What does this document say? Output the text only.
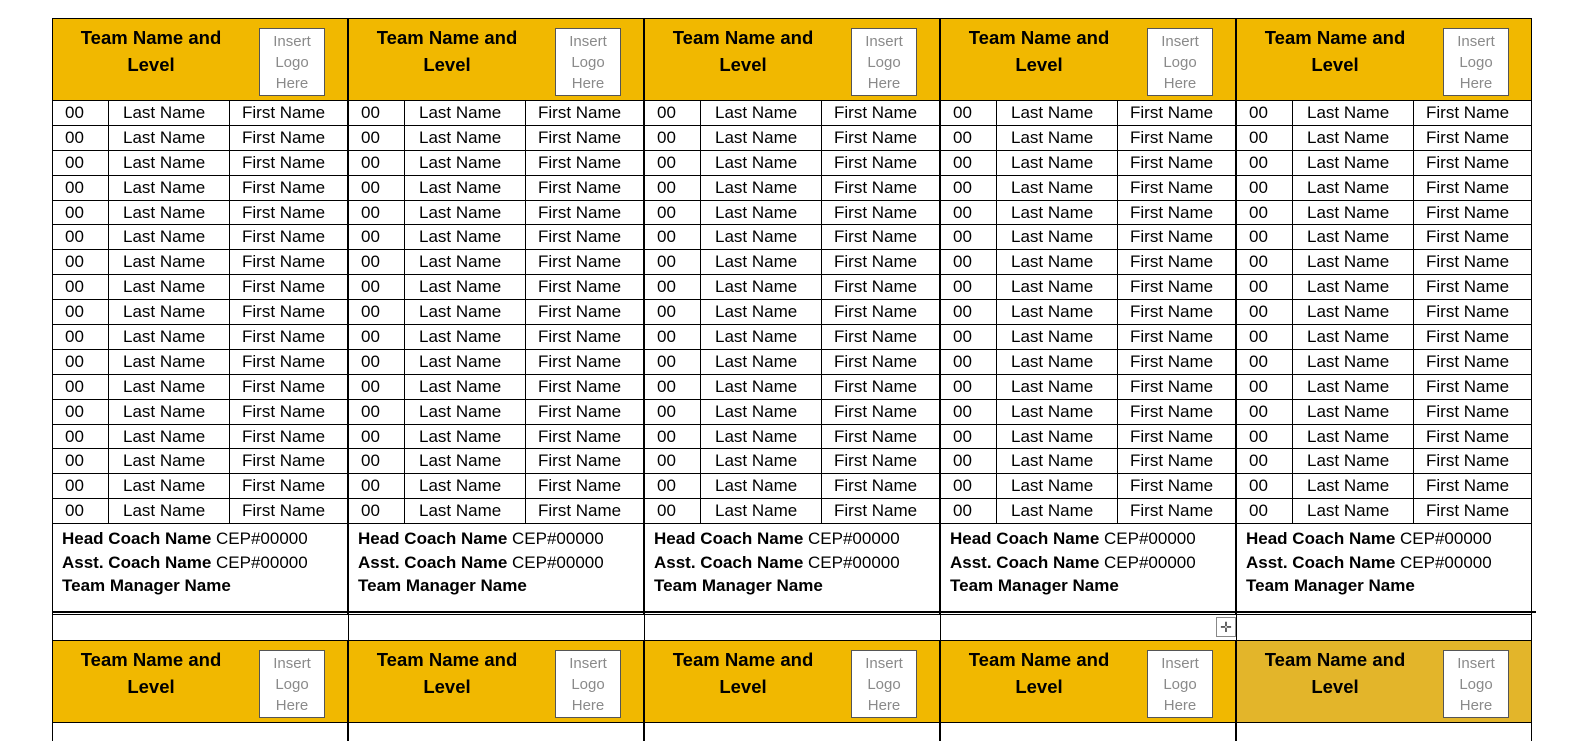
Team Name and
Level
Insert
Logo
Here
00	Last Name	First Name
00	Last Name	First Name
00	Last Name	First Name
00	Last Name	First Name
00	Last Name	First Name
00	Last Name	First Name
00	Last Name	First Name
00	Last Name	First Name
00	Last Name	First Name
00	Last Name	First Name
00	Last Name	First Name
00	Last Name	First Name
00	Last Name	First Name
00	Last Name	First Name
00	Last Name	First Name
00	Last Name	First Name
00	Last Name	First Name
Head Coach Name CEP#00000
Asst. Coach Name CEP#00000
Team Manager Name
Team Name and
Level
Insert
Logo
Here
00	Last Name	First Name
00	Last Name	First Name
00	Last Name	First Name
00	Last Name	First Name
00	Last Name	First Name
00	Last Name	First Name
00	Last Name	First Name
00	Last Name	First Name
00	Last Name	First Name
00	Last Name	First Name
00	Last Name	First Name
00	Last Name	First Name
00	Last Name	First Name
00	Last Name	First Name
00	Last Name	First Name
00	Last Name	First Name
00	Last Name	First Name
Head Coach Name CEP#00000
Asst. Coach Name CEP#00000
Team Manager Name
Team Name and
Level
Insert
Logo
Here
00	Last Name	First Name
00	Last Name	First Name
00	Last Name	First Name
00	Last Name	First Name
00	Last Name	First Name
00	Last Name	First Name
00	Last Name	First Name
00	Last Name	First Name
00	Last Name	First Name
00	Last Name	First Name
00	Last Name	First Name
00	Last Name	First Name
00	Last Name	First Name
00	Last Name	First Name
00	Last Name	First Name
00	Last Name	First Name
00	Last Name	First Name
Head Coach Name CEP#00000
Asst. Coach Name CEP#00000
Team Manager Name
Team Name and
Level
Insert
Logo
Here
00	Last Name	First Name
00	Last Name	First Name
00	Last Name	First Name
00	Last Name	First Name
00	Last Name	First Name
00	Last Name	First Name
00	Last Name	First Name
00	Last Name	First Name
00	Last Name	First Name
00	Last Name	First Name
00	Last Name	First Name
00	Last Name	First Name
00	Last Name	First Name
00	Last Name	First Name
00	Last Name	First Name
00	Last Name	First Name
00	Last Name	First Name
Head Coach Name CEP#00000
Asst. Coach Name CEP#00000
Team Manager Name
Team Name and
Level
Insert
Logo
Here
00	Last Name	First Name
00	Last Name	First Name
00	Last Name	First Name
00	Last Name	First Name
00	Last Name	First Name
00	Last Name	First Name
00	Last Name	First Name
00	Last Name	First Name
00	Last Name	First Name
00	Last Name	First Name
00	Last Name	First Name
00	Last Name	First Name
00	Last Name	First Name
00	Last Name	First Name
00	Last Name	First Name
00	Last Name	First Name
00	Last Name	First Name
Head Coach Name CEP#00000
Asst. Coach Name CEP#00000
Team Manager Name
✛
Team Name and
Level
Insert
Logo
Here
Team Name and
Level
Insert
Logo
Here
Team Name and
Level
Insert
Logo
Here
Team Name and
Level
Insert
Logo
Here
Team Name and
Level
Insert
Logo
Here
